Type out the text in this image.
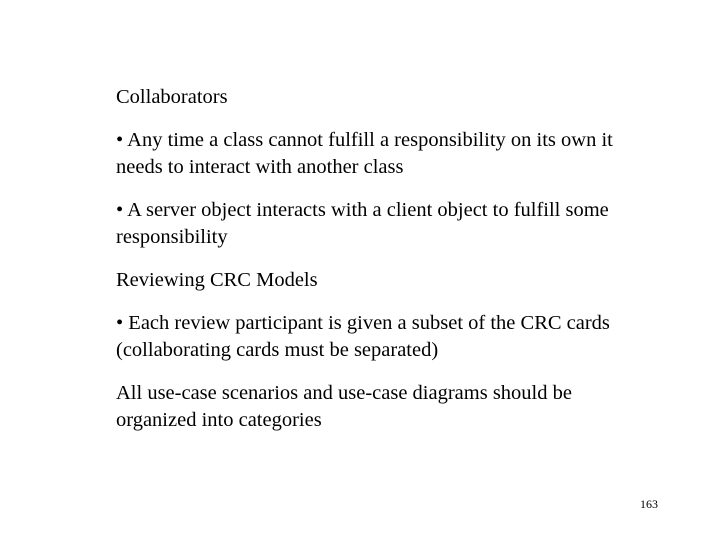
Collaborators

• Any time a class cannot fulfill a responsibility on its own it needs to interact with another class

• A server object interacts with a client object to fulfill some responsibility

Reviewing CRC Models

• Each review participant is given a subset of the CRC cards (collaborating cards must be separated)

All use-case scenarios and use-case diagrams should be organized into categories

163
